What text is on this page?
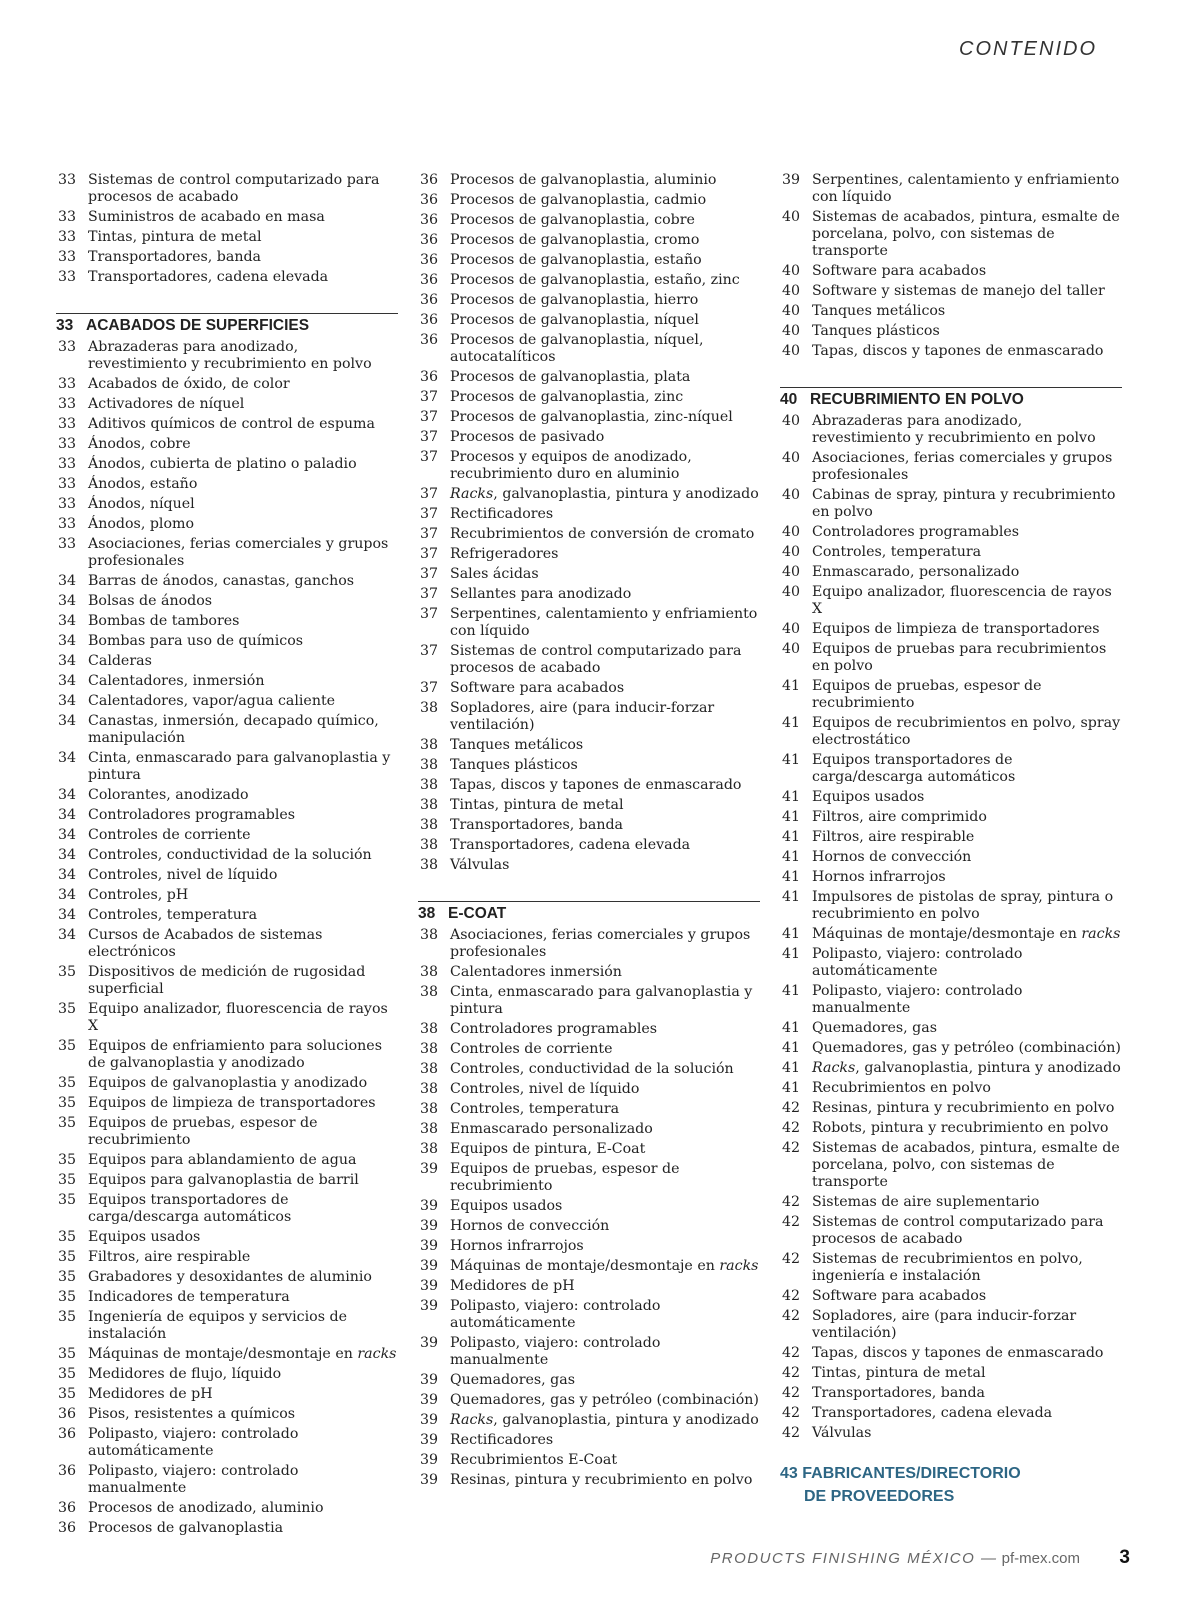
CONTENIDO
33 Sistemas de control computarizado para procesos de acabado
33 Suministros de acabado en masa
33 Tintas, pintura de metal
33 Transportadores, banda
33 Transportadores, cadena elevada
33 ACABADOS DE SUPERFICIES
33 Abrazaderas para anodizado, revestimiento y recubrimiento en polvo
33 Acabados de óxido, de color
33 Activadores de níquel
33 Aditivos químicos de control de espuma
33 Ánodos, cobre
33 Ánodos, cubierta de platino o paladio
33 Ánodos, estaño
33 Ánodos, níquel
33 Ánodos, plomo
33 Asociaciones, ferias comerciales y grupos profesionales
34 Barras de ánodos, canastas, ganchos
34 Bolsas de ánodos
34 Bombas de tambores
34 Bombas para uso de químicos
34 Calderas
34 Calentadores, inmersión
34 Calentadores, vapor/agua caliente
34 Canastas, inmersión, decapado químico, manipulación
34 Cinta, enmascarado para galvanoplastia y pintura
34 Colorantes, anodizado
34 Controladores programables
34 Controles de corriente
34 Controles, conductividad de la solución
34 Controles, nivel de líquido
34 Controles, pH
34 Controles, temperatura
34 Cursos de Acabados de sistemas electrónicos
35 Dispositivos de medición de rugosidad superficial
35 Equipo analizador, fluorescencia de rayos X
35 Equipos de enfriamiento para soluciones de galvanoplastia y anodizado
35 Equipos de galvanoplastia y anodizado
35 Equipos de limpieza de transportadores
35 Equipos de pruebas, espesor de recubrimiento
35 Equipos para ablandamiento de agua
35 Equipos para galvanoplastia de barril
35 Equipos transportadores de carga/descarga automáticos
35 Equipos usados
35 Filtros, aire respirable
35 Grabadores y desoxidantes de aluminio
35 Indicadores de temperatura
35 Ingeniería de equipos y servicios de instalación
35 Máquinas de montaje/desmontaje en racks
35 Medidores de flujo, líquido
35 Medidores de pH
36 Pisos, resistentes a químicos
36 Polipasto, viajero: controlado automáticamente
36 Polipasto, viajero: controlado manualmente
36 Procesos de anodizado, aluminio
36 Procesos de galvanoplastia
36 Procesos de galvanoplastia, aluminio
36 Procesos de galvanoplastia, cadmio
36 Procesos de galvanoplastia, cobre
36 Procesos de galvanoplastia, cromo
36 Procesos de galvanoplastia, estaño
36 Procesos de galvanoplastia, estaño, zinc
36 Procesos de galvanoplastia, hierro
36 Procesos de galvanoplastia, níquel
36 Procesos de galvanoplastia, níquel, autocatalíticos
36 Procesos de galvanoplastia, plata
37 Procesos de galvanoplastia, zinc
37 Procesos de galvanoplastia, zinc-níquel
37 Procesos de pasivado
37 Procesos y equipos de anodizado, recubrimiento duro en aluminio
37 Racks, galvanoplastia, pintura y anodizado
37 Rectificadores
37 Recubrimientos de conversión de cromato
37 Refrigeradores
37 Sales ácidas
37 Sellantes para anodizado
37 Serpentines, calentamiento y enfriamiento con líquido
37 Sistemas de control computarizado para procesos de acabado
37 Software para acabados
38 Sopladores, aire (para inducir-forzar ventilación)
38 Tanques metálicos
38 Tanques plásticos
38 Tapas, discos y tapones de enmascarado
38 Tintas, pintura de metal
38 Transportadores, banda
38 Transportadores, cadena elevada
38 Válvulas
38 E-COAT
38 Asociaciones, ferias comerciales y grupos profesionales
38 Calentadores inmersión
38 Cinta, enmascarado para galvanoplastia y pintura
38 Controladores programables
38 Controles de corriente
38 Controles, conductividad de la solución
38 Controles, nivel de líquido
38 Controles, temperatura
38 Enmascarado personalizado
38 Equipos de pintura, E-Coat
39 Equipos de pruebas, espesor de recubrimiento
39 Equipos usados
39 Hornos de convección
39 Hornos infrarrojos
39 Máquinas de montaje/desmontaje en racks
39 Medidores de pH
39 Polipasto, viajero: controlado automáticamente
39 Polipasto, viajero: controlado manualmente
39 Quemadores, gas
39 Quemadores, gas y petróleo (combinación)
39 Racks, galvanoplastia, pintura y anodizado
39 Rectificadores
39 Recubrimientos E-Coat
39 Resinas, pintura y recubrimiento en polvo
39 Serpentines, calentamiento y enfriamiento con líquido
40 Sistemas de acabados, pintura, esmalte de porcelana, polvo, con sistemas de transporte
40 Software para acabados
40 Software y sistemas de manejo del taller
40 Tanques metálicos
40 Tanques plásticos
40 Tapas, discos y tapones de enmascarado
40 RECUBRIMIENTO EN POLVO
40 Abrazaderas para anodizado, revestimiento y recubrimiento en polvo
40 Asociaciones, ferias comerciales y grupos profesionales
40 Cabinas de spray, pintura y recubrimiento en polvo
40 Controladores programables
40 Controles, temperatura
40 Enmascarado, personalizado
40 Equipo analizador, fluorescencia de rayos X
40 Equipos de limpieza de transportadores
40 Equipos de pruebas para recubrimientos en polvo
41 Equipos de pruebas, espesor de recubrimiento
41 Equipos de recubrimientos en polvo, spray electrostático
41 Equipos transportadores de carga/descarga automáticos
41 Equipos usados
41 Filtros, aire comprimido
41 Filtros, aire respirable
41 Hornos de convección
41 Hornos infrarrojos
41 Impulsores de pistolas de spray, pintura o recubrimiento en polvo
41 Máquinas de montaje/desmontaje en racks
41 Polipasto, viajero: controlado automáticamente
41 Polipasto, viajero: controlado manualmente
41 Quemadores, gas
41 Quemadores, gas y petróleo (combinación)
41 Racks, galvanoplastia, pintura y anodizado
41 Recubrimientos en polvo
42 Resinas, pintura y recubrimiento en polvo
42 Robots, pintura y recubrimiento en polvo
42 Sistemas de acabados, pintura, esmalte de porcelana, polvo, con sistemas de transporte
42 Sistemas de aire suplementario
42 Sistemas de control computarizado para procesos de acabado
42 Sistemas de recubrimientos en polvo, ingeniería e instalación
42 Software para acabados
42 Sopladores, aire (para inducir-forzar ventilación)
42 Tapas, discos y tapones de enmascarado
42 Tintas, pintura de metal
42 Transportadores, banda
42 Transportadores, cadena elevada
42 Válvulas
43 FABRICANTES/DIRECTORIO
DE PROVEEDORES
PRODUCTS FINISHING MÉXICO — pf-mex.com 3
